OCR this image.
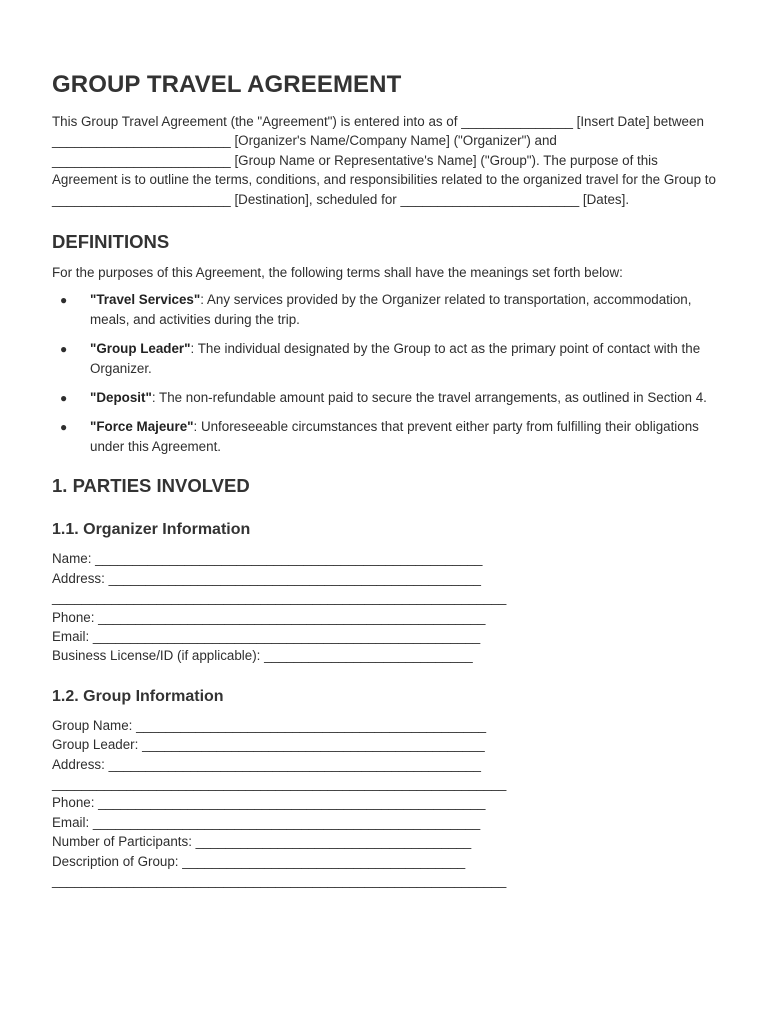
GROUP TRAVEL AGREEMENT

This Group Travel Agreement (the "Agreement") is entered into as of _______________ [Insert Date] between ________________________ [Organizer's Name/Company Name] ("Organizer") and ________________________ [Group Name or Representative's Name] ("Group"). The purpose of this Agreement is to outline the terms, conditions, and responsibilities related to the organized travel for the Group to ________________________ [Destination], scheduled for ________________________ [Dates].

DEFINITIONS

For the purposes of this Agreement, the following terms shall have the meanings set forth below:

● "Travel Services": Any services provided by the Organizer related to transportation, accommodation, meals, and activities during the trip.
● "Group Leader": The individual designated by the Group to act as the primary point of contact with the Organizer.
● "Deposit": The non-refundable amount paid to secure the travel arrangements, as outlined in Section 4.
● "Force Majeure": Unforeseeable circumstances that prevent either party from fulfilling their obligations under this Agreement.
1. PARTIES INVOLVED
1.1. Organizer Information
Name: ____________________________________________________
Address: __________________________________________________
_____________________________________________________________
Phone: ____________________________________________________
Email: ____________________________________________________
Business License/ID (if applicable): ____________________________
1.2. Group Information
Group Name: _______________________________________________
Group Leader: ______________________________________________
Address: __________________________________________________
_____________________________________________________________
Phone: ____________________________________________________
Email: ____________________________________________________
Number of Participants: _____________________________________
Description of Group: ______________________________________
_____________________________________________________________
